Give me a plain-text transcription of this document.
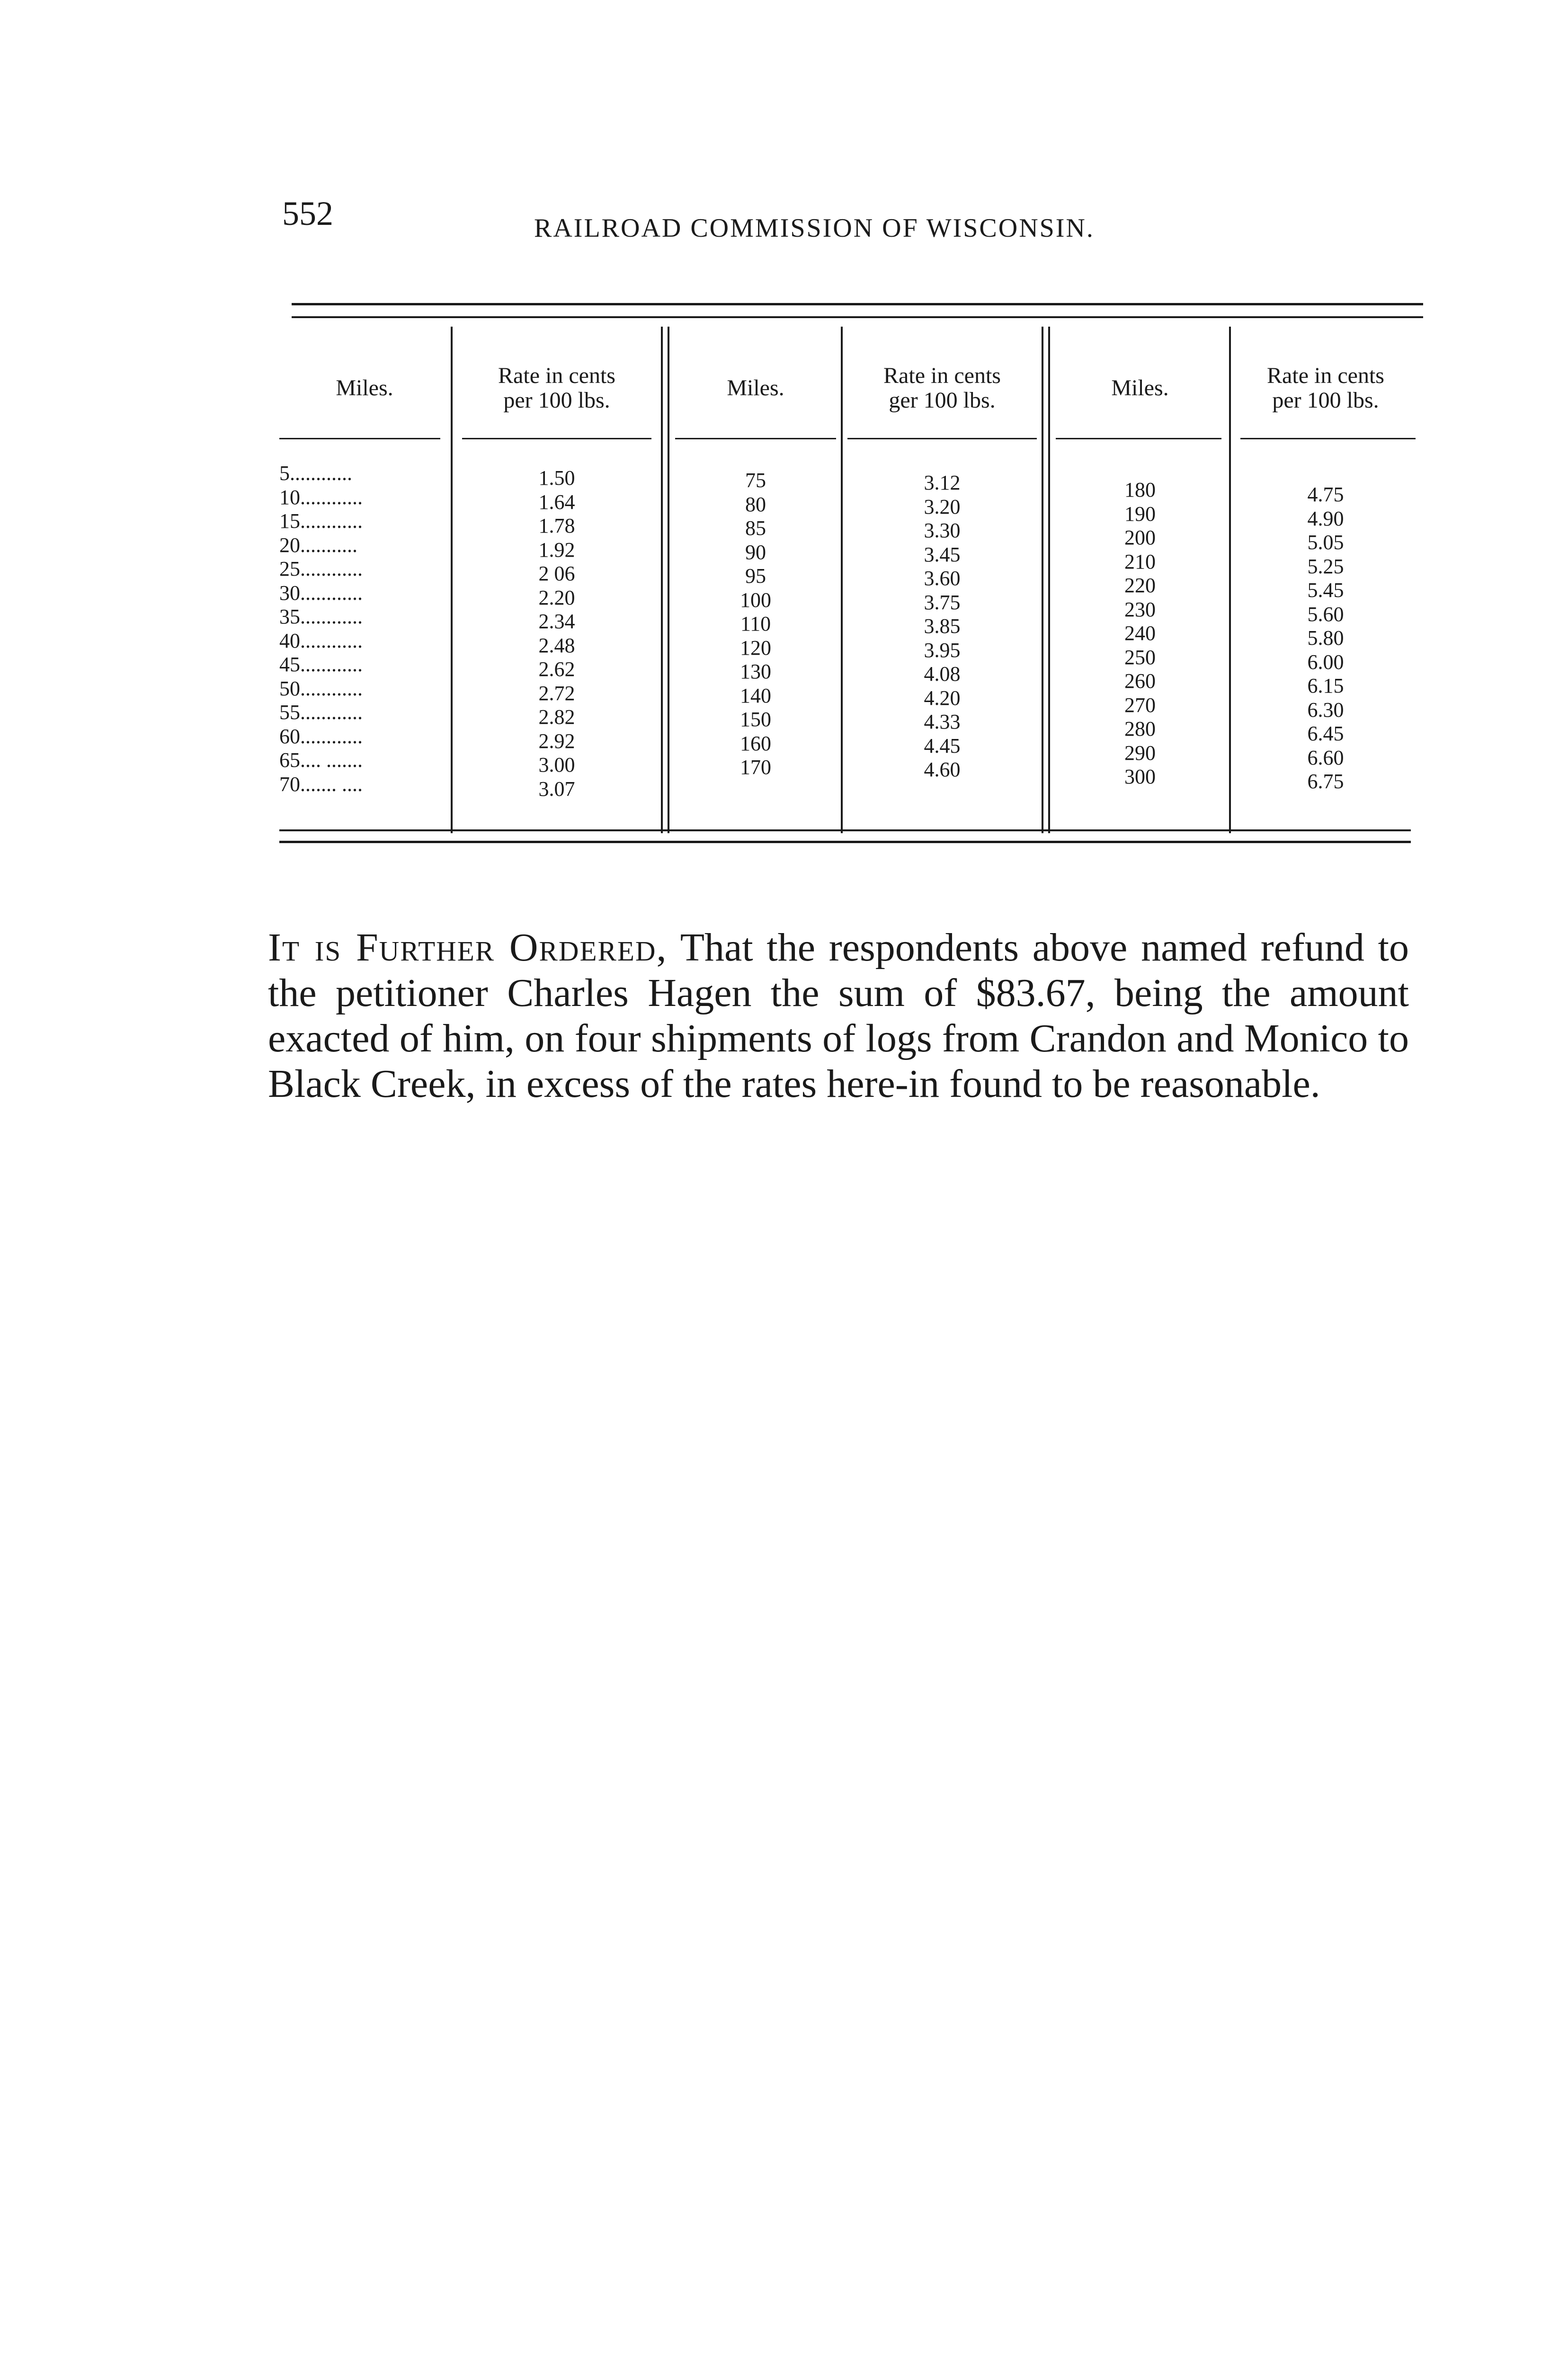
552	RAILROAD COMMISSION OF WISCONSIN.
Miles.
5............
10............
15............
20...........
25............
30............
35............
40............
45............
50............
55............
60............
65.... .......
70....... ....
Rate in cents
per 100 lbs.
1.50
1.64
1.78
1.92
2 06
2.20
2.34
2.48
2.62
2.72
2.82
2.92
3.00
3.07
Miles.
75
80
85
90
95
100
110
120
130
140
150
160
170
Rate in cents
ger 100 lbs.
3.12
3.20
3.30
3.45
3.60
3.75
3.85
3.95
4.08
4.20
4.33
4.45
4.60
Miles.
180
190
200
210
220
230
240
250
260
270
280
290
300
Rate in cents
per 100 lbs.
4.75
4.90
5.05
5.25
5.45
5.60
5.80
6.00
6.15
6.30
6.45
6.60
6.75

It is Further Ordered, That the respondents above named refund to the petitioner Charles Hagen the sum of $83.67, being the amount exacted of him, on four shipments of logs from Crandon and Monico to Black Creek, in excess of the rates here-in found to be reasonable.
